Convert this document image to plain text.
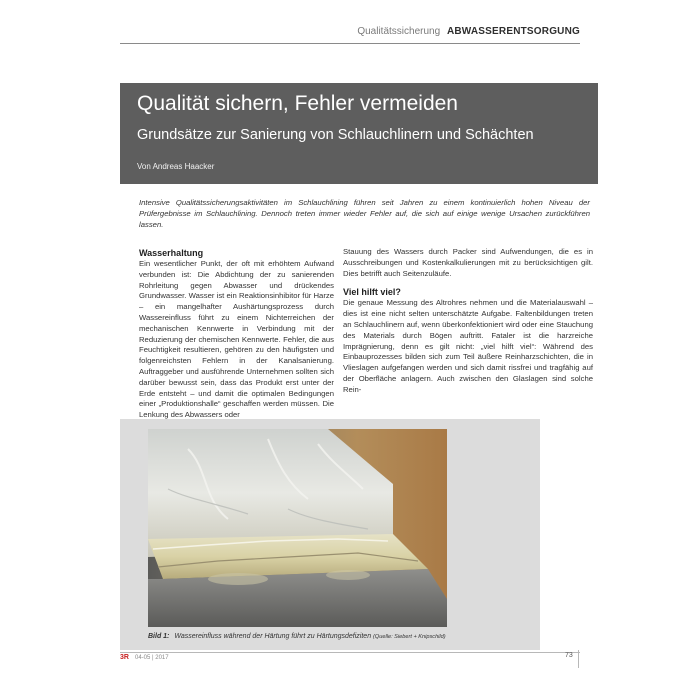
Qualitätssicherung ABWASSERENTSORGUNG
Qualität sichern, Fehler vermeiden
Grundsätze zur Sanierung von Schlauchlinern und Schächten
Von Andreas Haacker
Intensive Qualitätssicherungsaktivitäten im Schlauchlining führen seit Jahren zu einem kontinuierlich hohen Niveau der Prüfergebnisse im Schlauchlining. Dennoch treten immer wieder Fehler auf, die sich auf einige wenige Ursachen zurückführen lassen.
Wasserhaltung

Ein wesentlicher Punkt, der oft mit erhöhtem Aufwand verbunden ist: Die Abdichtung der zu sanierenden Rohrleitung gegen Abwasser und drückendes Grundwasser. Wasser ist ein Reaktionsinhibitor für Harze – ein mangelhafter Aushärtungsprozess durch Wassereinfluss führt zu einem Nichterreichen der mechanischen Kennwerte in Verbindung mit der Reduzierung der chemischen Kennwerte. Fehler, die aus Feuchtigkeit resultieren, gehören zu den häufigsten und folgenreichsten Fehlern in der Kanalsanierung. Auftraggeber und ausführende Unternehmen sollten sich darüber bewusst sein, dass das Produkt erst unter der Erde entsteht – und damit die optimalen Bedingungen einer „Produktionshalle“ geschaffen werden müssen. Die Lenkung des Abwassers oder

Stauung des Wassers durch Packer sind Aufwendungen, die es in Ausschreibungen und Kostenkalkulierungen mit zu berücksichtigen gilt. Dies betrifft auch Seitenzuläufe.

Viel hilft viel?

Die genaue Messung des Altrohres nehmen und die Materialauswahl – dies ist eine nicht selten unterschätzte Aufgabe. Faltenbildungen treten an Schlauchlinern auf, wenn überkonfektioniert wird oder eine Stauchung des Materials durch Bögen auftritt. Fataler ist die harzreiche Imprägnierung, denn es gilt nicht: „viel hilft viel“: Während des Einbauprozesses bilden sich zum Teil äußere Reinharzschichten, die in Vlieslagen aufgefangen werden und sich damit rissfrei und tragfähig auf der Oberfläche anlagern. Auch zwischen den Glaslagen sind solche Rein-

Bild 1: Wassereinfluss während der Härtung führt zu Härtungsdefiziten (Quelle: Siebert + Knipschild)
3R 04-05 | 2017	73
